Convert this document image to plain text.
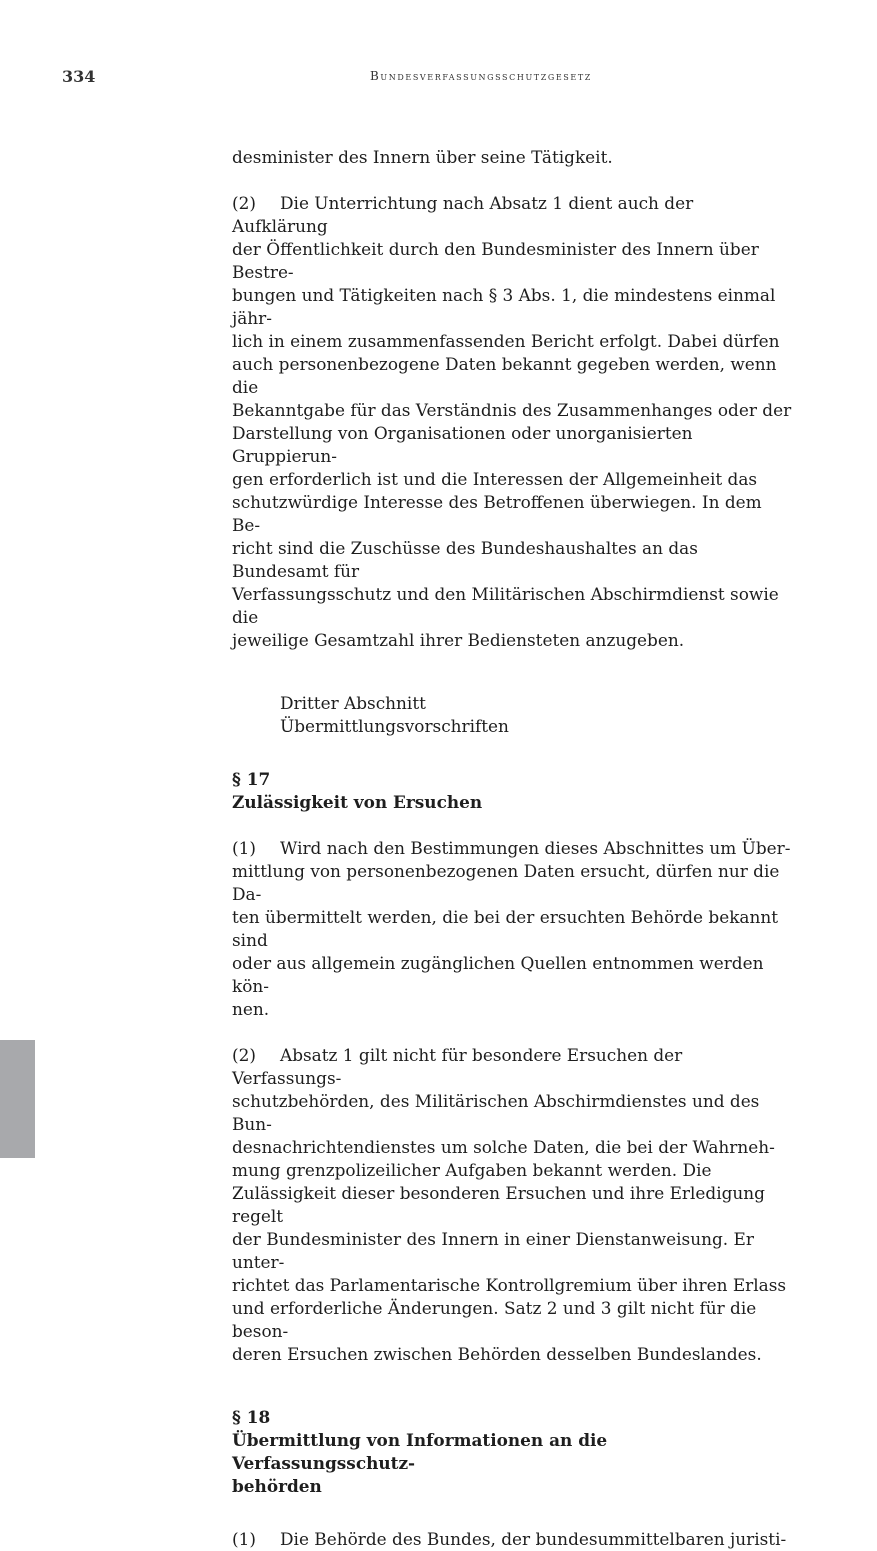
334	Bundesverfassungsschutzgesetz

desminister des Innern über seine Tätigkeit.

(2) Die Unterrichtung nach Absatz 1 dient auch der Aufklärung
der Öffentlichkeit durch den Bundesminister des Innern über Bestre-
bungen und Tätigkeiten nach § 3 Abs. 1, die mindestens einmal jähr-
lich in einem zusammenfassenden Bericht erfolgt. Dabei dürfen
auch personenbezogene Daten bekannt gegeben werden, wenn die
Bekanntgabe für das Verständnis des Zusammenhanges oder der
Darstellung von Organisationen oder unorganisierten Gruppierun-
gen erforderlich ist und die Interessen der Allgemeinheit das
schutzwürdige Interesse des Betroffenen überwiegen. In dem Be-
richt sind die Zuschüsse des Bundeshaushaltes an das Bundesamt für
Verfassungsschutz und den Militärischen Abschirmdienst sowie die
jeweilige Gesamtzahl ihrer Bediensteten anzugeben.

Dritter Abschnitt

Übermittlungsvorschriften

§ 17

Zulässigkeit von Ersuchen

(1) Wird nach den Bestimmungen dieses Abschnittes um Über-
mittlung von personenbezogenen Daten ersucht, dürfen nur die Da-
ten übermittelt werden, die bei der ersuchten Behörde bekannt sind
oder aus allgemein zugänglichen Quellen entnommen werden kön-
nen.

(2) Absatz 1 gilt nicht für besondere Ersuchen der Verfassungs-
schutzbehörden, des Militärischen Abschirmdienstes und des Bun-
desnachrichtendienstes um solche Daten, die bei der Wahrneh-
mung grenzpolizeilicher Aufgaben bekannt werden. Die
Zulässigkeit dieser besonderen Ersuchen und ihre Erledigung regelt
der Bundesminister des Innern in einer Dienstanweisung. Er unter-
richtet das Parlamentarische Kontrollgremium über ihren Erlass
und erforderliche Änderungen. Satz 2 und 3 gilt nicht für die beson-
deren Ersuchen zwischen Behörden desselben Bundeslandes.

§ 18

Übermittlung von Informationen an die Verfassungsschutz-
behörden

(1) Die Behörde des Bundes, der bundesummittelbaren juristi-
